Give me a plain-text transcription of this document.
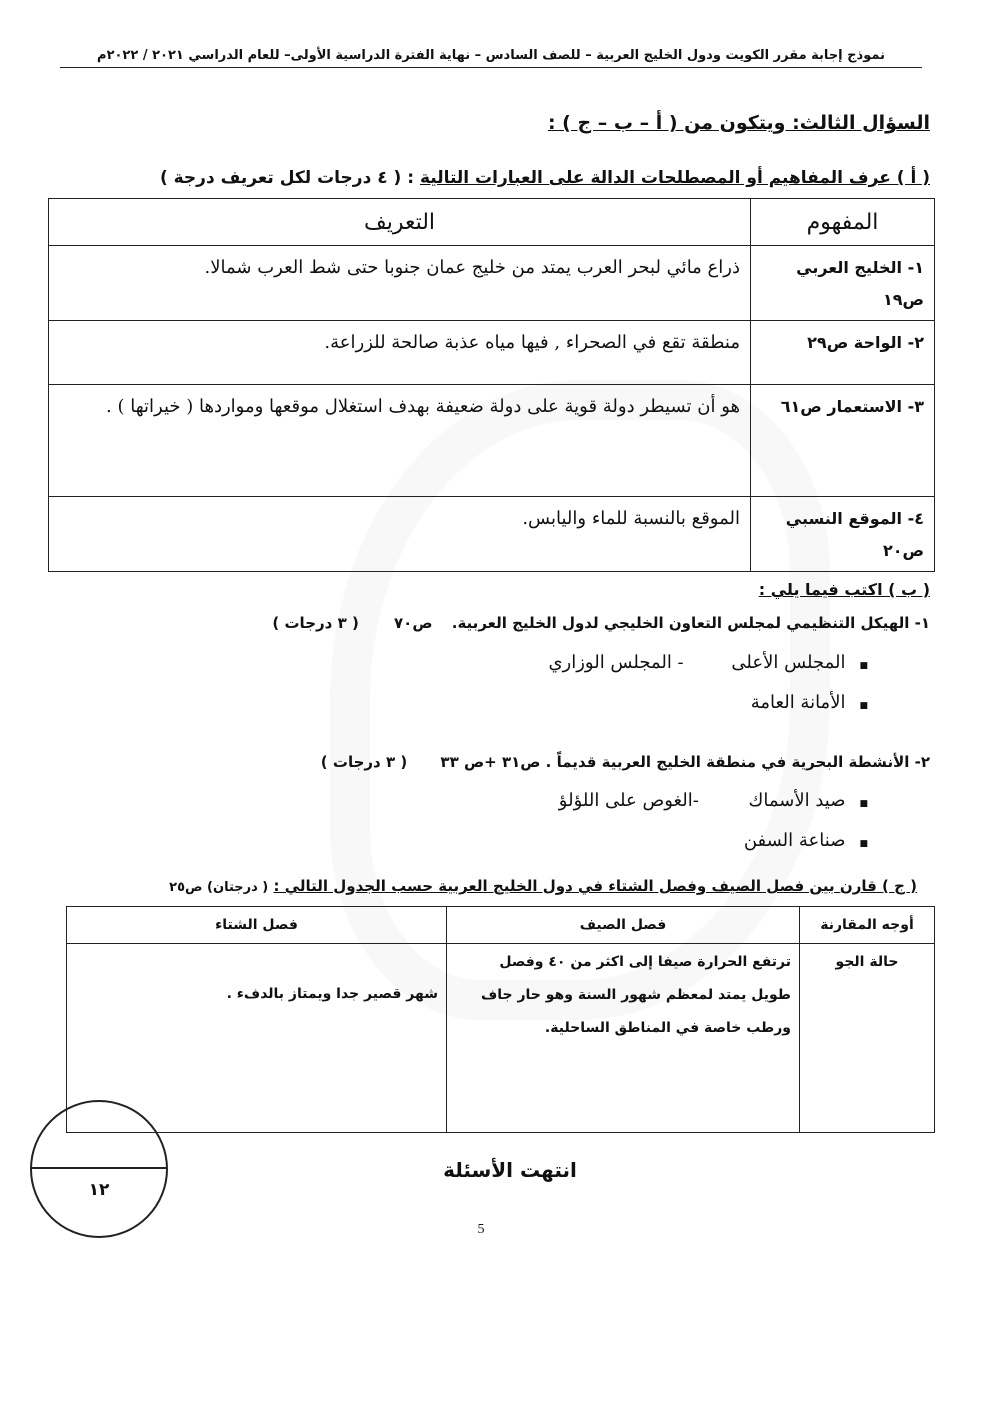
نموذج إجابة مقرر الكويت ودول الخليج العربية – للصف السادس – نهاية الفترة الدراسية الأولى– للعام الدراسي ٢٠٢١ / ٢٠٢٢م
السؤال الثالث: ويتكون من ( أ – ب – ج ) :
( أ ) عرف المفاهيم أو المصطلحات الدالة على العبارات التالية : ( ٤ درجات لكل تعريف درجة )
المفهوم	التعريف
١- الخليج العربي ص١٩	ذراع مائي لبحر العرب يمتد من خليج عمان جنوبا حتى شط العرب شمالا.
٢- الواحة ص٢٩	منطقة تقع في الصحراء , فيها مياه عذبة صالحة للزراعة.
٣- الاستعمار ص٦١	هو أن تسيطر دولة قوية على دولة ضعيفة بهدف استغلال موقعها ومواردها ( خيراتها ) .
٤- الموقع النسبي ص٢٠	الموقع بالنسبة للماء واليابس.
( ب ) اكتب فيما يلي :
١- الهيكل التنظيمي لمجلس التعاون الخليجي لدول الخليج العربية. ص٧٠ ( ٣ درجات )
■المجلس الأعلى - المجلس الوزاري
■الأمانة العامة
٢- الأنشطة البحرية في منطقة الخليج العربية قديماً . ص٣١ +ص ٣٣ ( ٣ درجات )
■صيد الأسماك -الغوص على اللؤلؤ
■صناعة السفن
( ج ) قارن بين فصل الصيف وفصل الشتاء في دول الخليج العربية حسب الجدول التالي : ( درجتان) ص٢٥
أوجه المقارنة	فصل الصيف	فصل الشتاء
حالة الجو	ترتفع الحرارة صيفا إلى اكثر من ٤٠ وفصل طويل يمتد لمعظم شهور السنة وهو حار جاف ورطب خاصة في المناطق الساحلية.	شهر قصير جدا ويمتاز بالدفء .
١٢
انتهت الأسئلة
5
